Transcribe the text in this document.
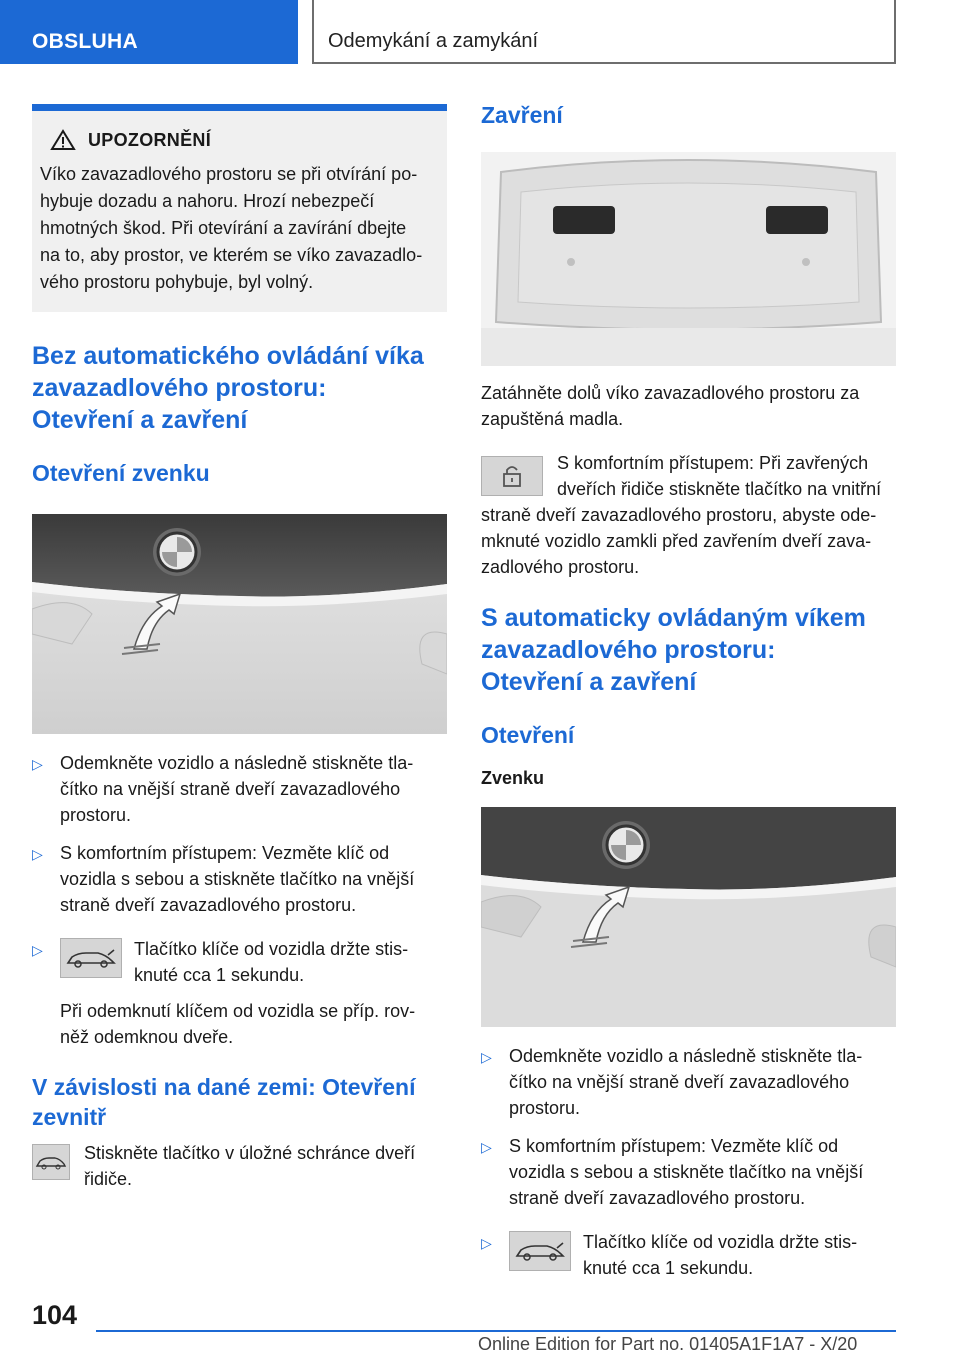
OBSLUHA	Odemykání a zamykání
UPOZORNĚNÍ
Víko zavazadlového prostoru se při otvírání po-
hybuje dozadu a nahoru. Hrozí nebezpečí
hmotných škod. Při otevírání a zavírání dbejte
na to, aby prostor, ve kterém se víko zavazadlo-
vého prostoru pohybuje, byl volný.
Bez automatického ovládání víka
zavazadlového prostoru:
Otevření a zavření
Otevření zvenku
▷ Odemkněte vozidlo a následně stiskněte tla-
čítko na vnější straně dveří zavazadlového
prostoru.
▷ S komfortním přístupem: Vezměte klíč od
vozidla s sebou a stiskněte tlačítko na vnější
straně dveří zavazadlového prostoru.
▷	Tlačítko klíče od vozidla držte stis-
knuté cca 1 sekundu.
Při odemknutí klíčem od vozidla se příp. rov-
něž odemknou dveře.
V závislosti na dané zemi: Otevření
zevnitř
Stiskněte tlačítko v úložné schránce dveří
řidiče.
Zavření
Zatáhněte dolů víko zavazadlového prostoru za
zapuštěná madla.
S komfortním přístupem: Při zavřených
dveřích řidiče stiskněte tlačítko na vnitřní
straně dveří zavazadlového prostoru, abyste ode-
mknuté vozidlo zamkli před zavřením dveří zava-
zadlového prostoru.
S automaticky ovládaným víkem
zavazadlového prostoru:
Otevření a zavření
Otevření
Zvenku
▷ Odemkněte vozidlo a následně stiskněte tla-
čítko na vnější straně dveří zavazadlového
prostoru.
▷ S komfortním přístupem: Vezměte klíč od
vozidla s sebou a stiskněte tlačítko na vnější
straně dveří zavazadlového prostoru.
▷	Tlačítko klíče od vozidla držte stis-
knuté cca 1 sekundu.
104
Online Edition for Part no. 01405A1F1A7 - X/20
